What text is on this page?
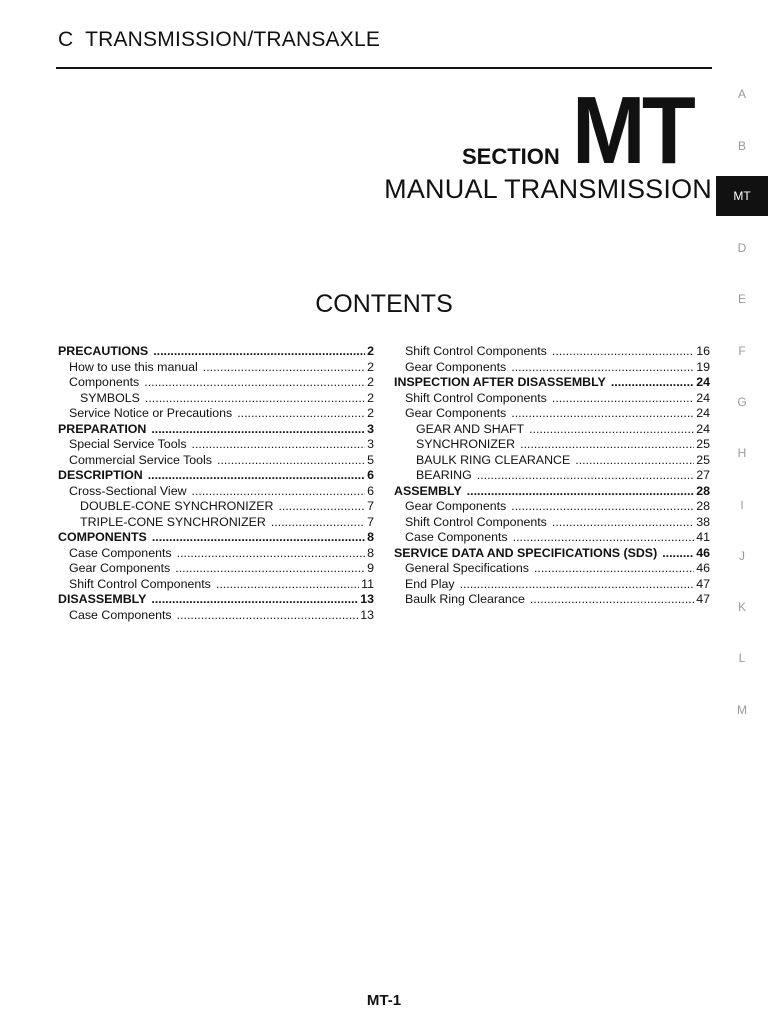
C TRANSMISSION/TRANSAXLE
A
B
MT
D
E
F
G
H
I
J
K
L
M
SECTION MT
MANUAL TRANSMISSION
CONTENTS
PRECAUTIONS .....	2
How to use this manual .....	2
Components .....	2
SYMBOLS .....	2
Service Notice or Precautions .....	2
PREPARATION .....	3
Special Service Tools .....	3
Commercial Service Tools .....	5
DESCRIPTION .....	6
Cross-Sectional View .....	6
DOUBLE-CONE SYNCHRONIZER .....	7
TRIPLE-CONE SYNCHRONIZER .....	7
COMPONENTS .....	8
Case Components .....	8
Gear Components .....	9
Shift Control Components .....	11
DISASSEMBLY .....	13
Case Components .....	13
Shift Control Components .....	16
Gear Components .....	19
INSPECTION AFTER DISASSEMBLY .....	24
Shift Control Components .....	24
Gear Components .....	24
GEAR AND SHAFT .....	24
SYNCHRONIZER .....	25
BAULK RING CLEARANCE .....	25
BEARING .....	27
ASSEMBLY .....	28
Gear Components .....	28
Shift Control Components .....	38
Case Components .....	41
SERVICE DATA AND SPECIFICATIONS (SDS) .....	46
General Specifications .....	46
End Play .....	47
Baulk Ring Clearance .....	47
MT-1
